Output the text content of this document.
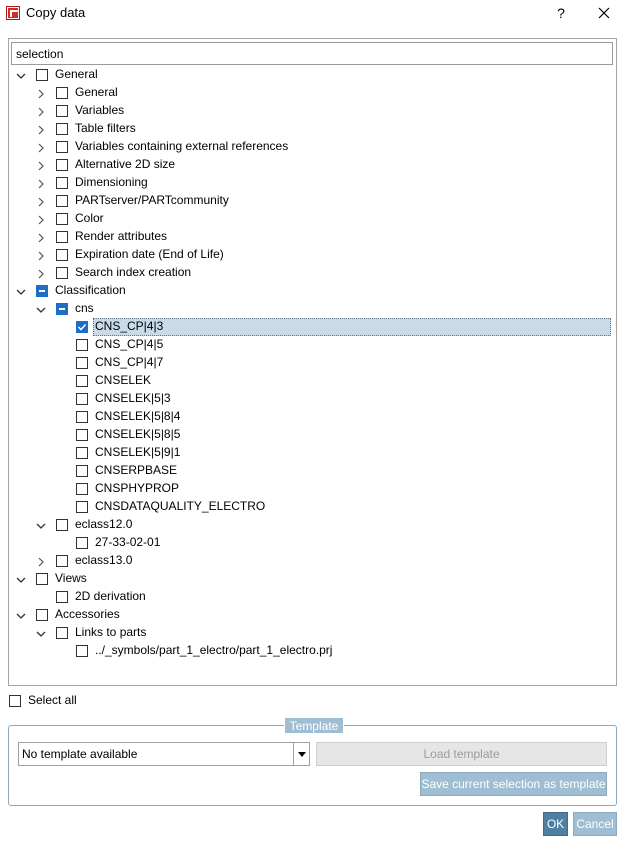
Copy data	?
selection
General
General
Variables
Table filters
Variables containing external references
Alternative 2D size
Dimensioning
PARTserver/PARTcommunity
Color
Render attributes
Expiration date (End of Life)
Search index creation
Classification
cns
CNS_CP|4|3
CNS_CP|4|5
CNS_CP|4|7
CNSELEK
CNSELEK|5|3
CNSELEK|5|8|4
CNSELEK|5|8|5
CNSELEK|5|9|1
CNSERPBASE
CNSPHYPROP
CNSDATAQUALITY_ELECTRO
eclass12.0
27-33-02-01
eclass13.0
Views
2D derivation
Accessories
Links to parts
../_symbols/part_1_electro/part_1_electro.prj
Select all
Template
No template available	Load template
Save current selection as template
OK	Cancel
